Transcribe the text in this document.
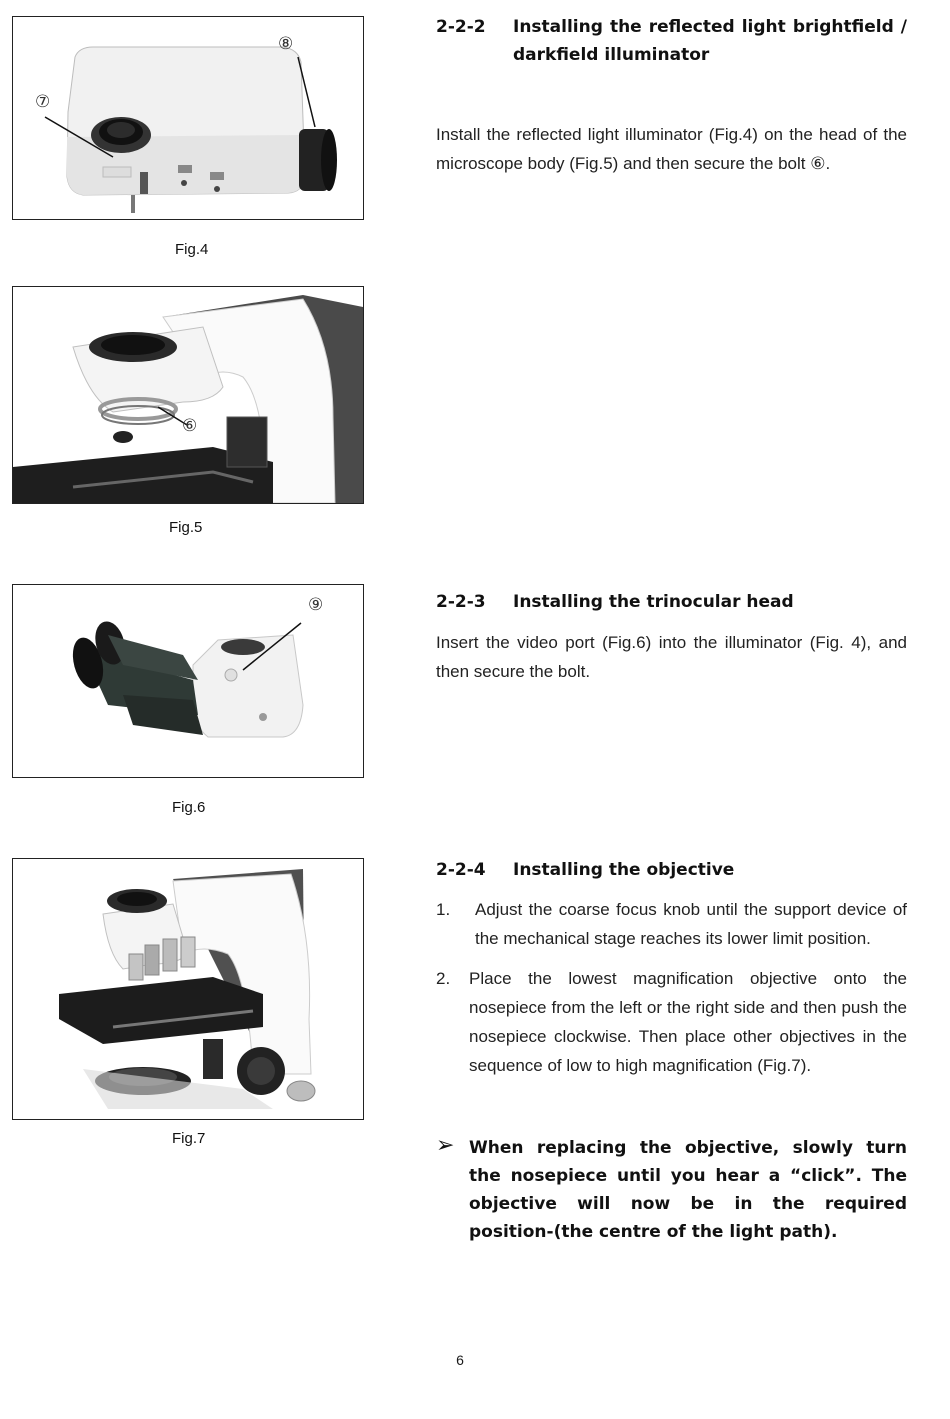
⑧
⑦
Fig.4
⑥
Fig.5
⑨
Fig.6
Fig.7
2-2-2 Installing the reflected light brightfield /
darkfield illuminator
Install the reflected light illuminator (Fig.4) on the head of the microscope body (Fig.5) and then secure the bolt ⑥.
2-2-3 Installing the trinocular head
Insert the video port (Fig.6) into the illuminator (Fig. 4), and then secure the bolt.
2-2-4 Installing the objective
1. Adjust the coarse focus knob until the support device of the mechanical stage reaches its lower limit position.
2. Place the lowest magnification objective onto the nosepiece from the left or the right side and then push the nosepiece clockwise. Then place other objectives in the sequence of low to high magnification (Fig.7).
➢ When replacing the objective, slowly turn the nosepiece until you hear a “click”. The objective will now be in the required position-(the centre of the light path).
6
